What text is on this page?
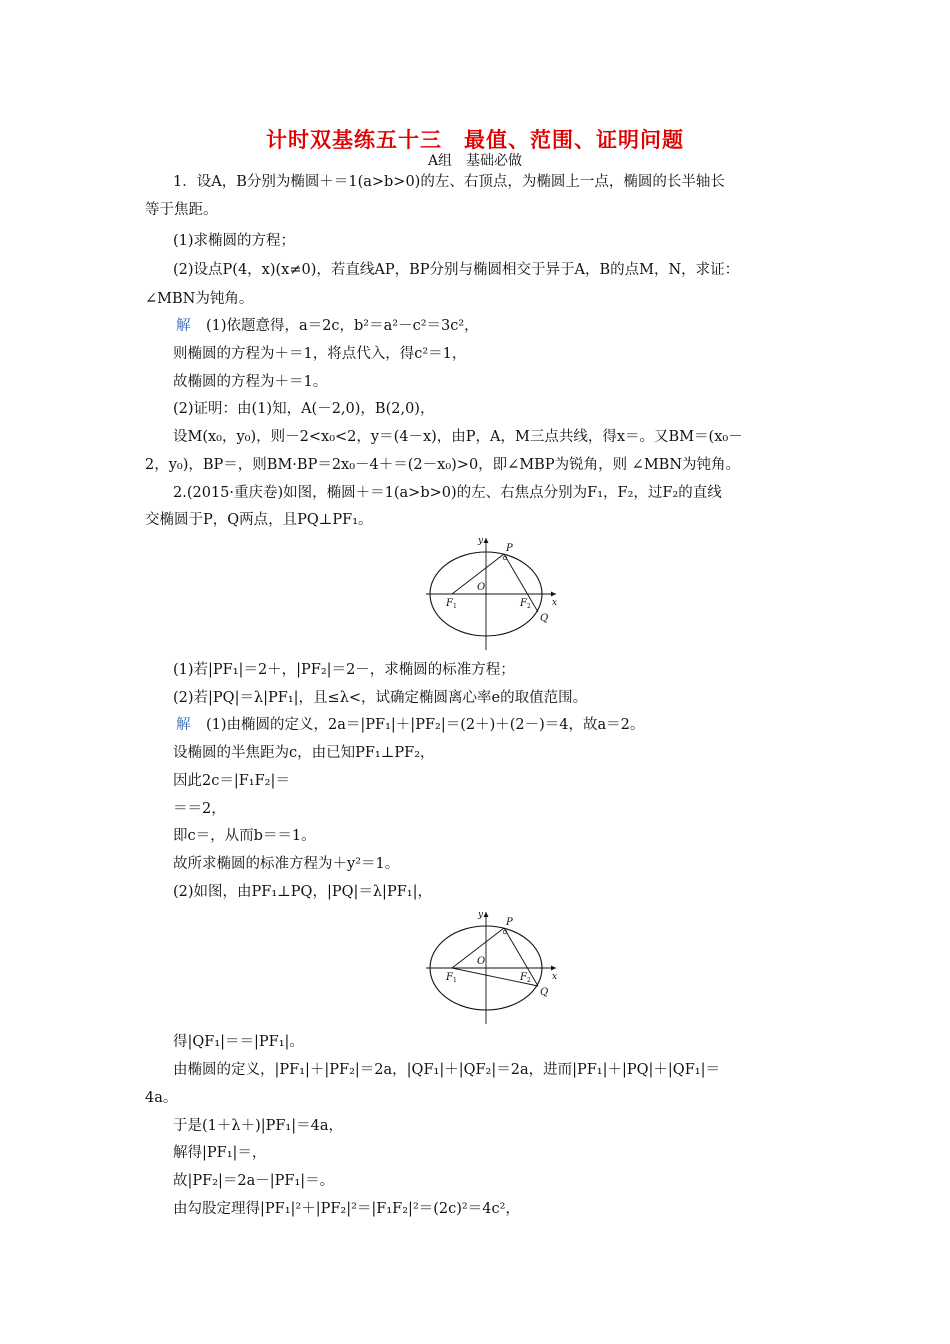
计时双基练五十三　最值、范围、证明问题
A组　基础必做
1．设A，B分别为椭圆＋＝1(a>b>0)的左、右顶点，为椭圆上一点，椭圆的长半轴长
等于焦距。
(1)求椭圆的方程；
(2)设点P(4，x)(x≠0)，若直线AP，BP分别与椭圆相交于异于A，B的点M，N，求证：
∠MBN为钝角。
解 (1)依题意得，a＝2c，b²＝a²－c²＝3c²，
则椭圆的方程为＋＝1，将点代入，得c²＝1，
故椭圆的方程为＋＝1。
(2)证明：由(1)知，A(－2,0)，B(2,0)，
设M(x₀，y₀)，则－2<x₀<2，y＝(4－x)，由P，A，M三点共线，得x＝。又BM＝(x₀－
2，y₀)，BP＝，则BM·BP＝2x₀－4＋＝(2－x₀)>0，即∠MBP为锐角，则 ∠MBN为钝角。
2.(2015·重庆卷)如图，椭圆＋＝1(a>b>0)的左、右焦点分别为F₁，F₂，过F₂的直线
交椭圆于P，Q两点，且PQ⊥PF₁。
(1)若|PF₁|＝2＋，|PF₂|＝2－，求椭圆的标准方程；
(2)若|PQ|＝λ|PF₁|，且≤λ<，试确定椭圆离心率e的取值范围。
解 (1)由椭圆的定义，2a＝|PF₁|＋|PF₂|＝(2＋)＋(2－)＝4，故a＝2。
设椭圆的半焦距为c，由已知PF₁⊥PF₂，
因此2c＝|F₁F₂|＝
＝＝2，
即c＝，从而b＝＝1。
故所求椭圆的标准方程为＋y²＝1。
(2)如图，由PF₁⊥PQ，|PQ|＝λ|PF₁|，
得|QF₁|＝＝|PF₁|。
由椭圆的定义，|PF₁|＋|PF₂|＝2a，|QF₁|＋|QF₂|＝2a，进而|PF₁|＋|PQ|＋|QF₁|＝
4a。
于是(1＋λ＋)|PF₁|＝4a，
解得|PF₁|＝，
故|PF₂|＝2a－|PF₁|＝。
由勾股定理得|PF₁|²＋|PF₂|²＝|F₁F₂|²＝(2c)²＝4c²，
y
x
O
P
Q
F 1	F 2
y
x
O
P
Q
F 1	F 2
